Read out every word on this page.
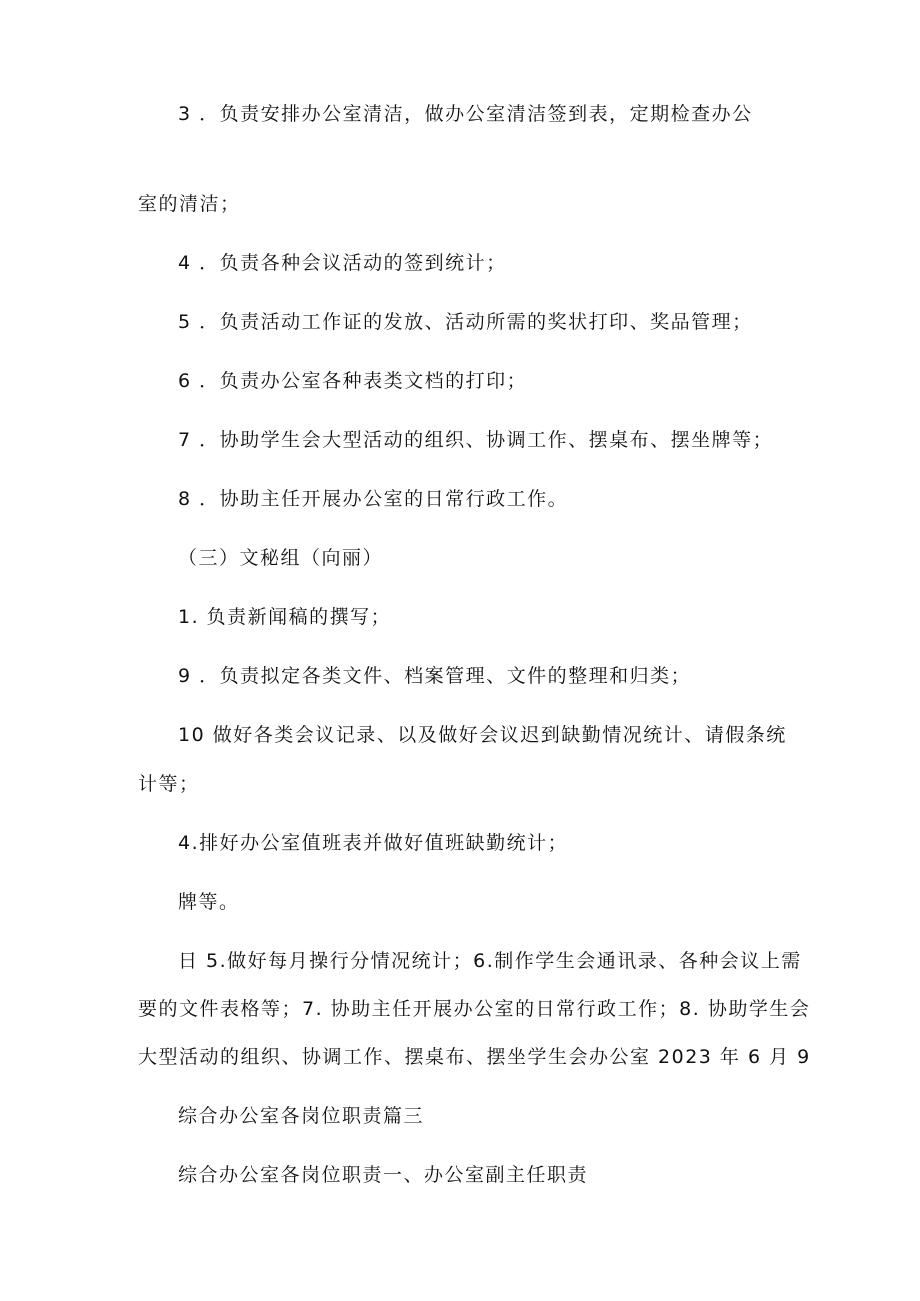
3 ．负责安排办公室清洁，做办公室清洁签到表，定期检查办公
室的清洁；
4 ．负责各种会议活动的签到统计；
5 ．负责活动工作证的发放、活动所需的奖状打印、奖品管理；
6 ．负责办公室各种表类文档的打印；
7 ．协助学生会大型活动的组织、协调工作、摆桌布、摆坐牌等；
8 ．协助主任开展办公室的日常行政工作。
（三）文秘组（向丽）
1. 负责新闻稿的撰写；
9 ．负责拟定各类文件、档案管理、文件的整理和归类；
10 做好各类会议记录、以及做好会议迟到缺勤情况统计、请假条统
计等；
4.排好办公室值班表并做好值班缺勤统计；
牌等。
日 5.做好每月操行分情况统计；6.制作学生会通讯录、各种会议上需
要的文件表格等；7. 协助主任开展办公室的日常行政工作；8. 协助学生会
大型活动的组织、协调工作、摆桌布、摆坐学生会办公室 2023 年 6 月 9
综合办公室各岗位职责篇三
综合办公室各岗位职责一、办公室副主任职责
